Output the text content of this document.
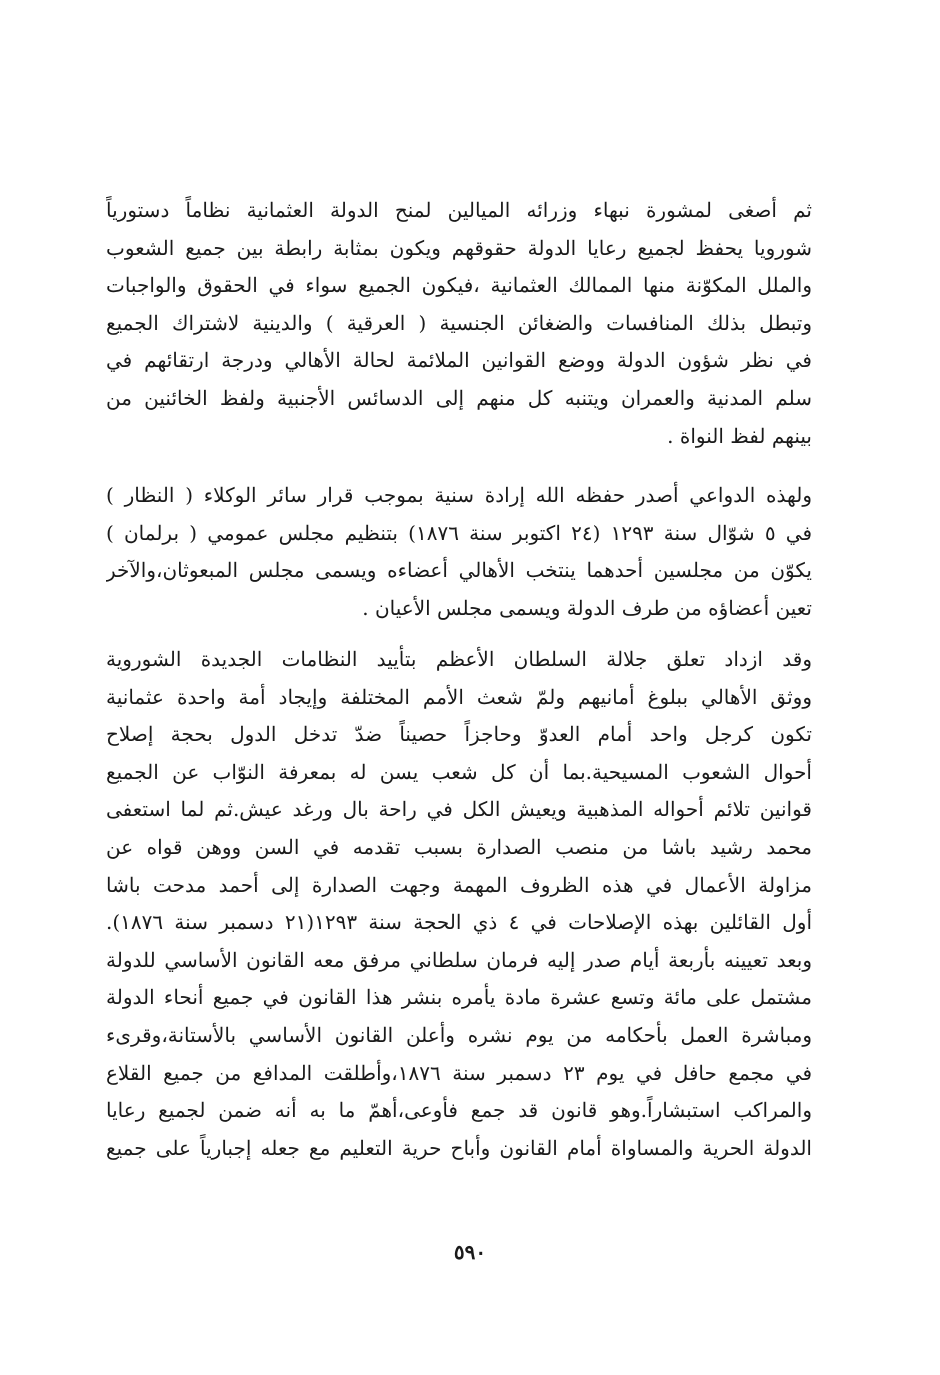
ثم أصغى لمشورة نبهاء وزرائه الميالين لمنح الدولة العثمانية نظاماً دستورياً
شورويا يحفظ لجميع رعايا الدولة حقوقهم ويكون بمثابة رابطة بين جميع الشعوب
والملل المكوّنة منها الممالك العثمانية ،فيكون الجميع سواء في الحقوق والواجبات
وتبطل بذلك المنافسات والضغائن الجنسية ( العرقية ) والدينية لاشتراك الجميع
في نظر شؤون الدولة ووضع القوانين الملائمة لحالة الأهالي ودرجة ارتقائهم في
سلم المدنية والعمران ويتنبه كل منهم إلى الدسائس الأجنبية ولفظ الخائنين من
بينهم لفظ النواة .
ولهذه الدواعي أصدر حفظه الله إرادة سنية بموجب قرار سائر الوكلاء ( النظار )
في ٥ شوّال سنة ١٢٩٣ (٢٤ اكتوبر سنة ١٨٧٦) بتنظيم مجلس عمومي ( برلمان )
يكوّن من مجلسين أحدهما ينتخب الأهالي أعضاءه ويسمى مجلس المبعوثان،والآخر
تعين أعضاؤه من طرف الدولة ويسمى مجلس الأعيان .
وقد ازداد تعلق جلالة السلطان الأعظم بتأييد النظامات الجديدة الشوروية
ووثق الأهالي ببلوغ أمانيهم ولمّ شعث الأمم المختلفة وإيجاد أمة واحدة عثمانية
تكون كرجل واحد أمام العدوّ وحاجزاً حصيناً ضدّ تدخل الدول بحجة إصلاح
أحوال الشعوب المسيحية.بما أن كل شعب يسن له بمعرفة النوّاب عن الجميع
قوانين تلائم أحواله المذهبية ويعيش الكل في راحة بال ورغد عيش.ثم لما استعفى
محمد رشيد باشا من منصب الصدارة بسبب تقدمه في السن ووهن قواه عن
مزاولة الأعمال في هذه الظروف المهمة وجهت الصدارة إلى أحمد مدحت باشا
أول القائلين بهذه الإصلاحات في ٤ ذي الحجة سنة ١٢٩٣(٢١ دسمبر سنة ١٨٧٦).
وبعد تعيينه بأربعة أيام صدر إليه فرمان سلطاني مرفق معه القانون الأساسي للدولة
مشتمل على مائة وتسع عشرة مادة يأمره بنشر هذا القانون في جميع أنحاء الدولة
ومباشرة العمل بأحكامه من يوم نشره وأعلن القانون الأساسي بالأستانة،وقرىء
في مجمع حافل في يوم ٢٣ دسمبر سنة ١٨٧٦،وأطلقت المدافع من جميع القلاع
والمراكب استبشاراً.وهو قانون قد جمع فأوعى،أهمّ ما به أنه ضمن لجميع رعايا
الدولة الحرية والمساواة أمام القانون وأباح حرية التعليم مع جعله إجبارياً على جميع
٥٩٠
